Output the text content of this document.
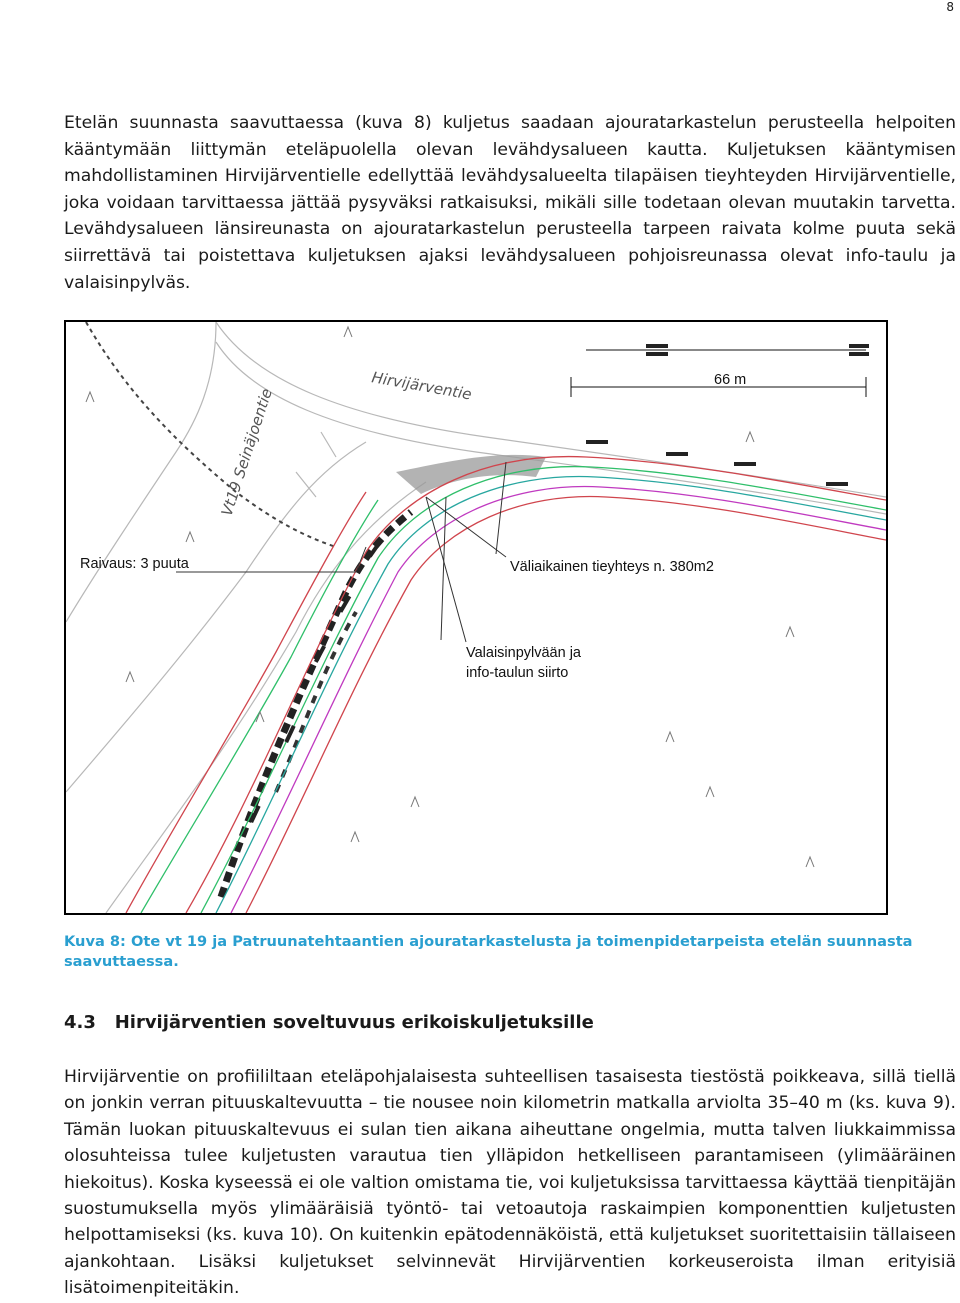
8

Etelän suunnasta saavuttaessa (kuva 8) kuljetus saadaan ajouratarkastelun perusteella helpoiten kääntymään liittymän eteläpuolella olevan levähdysalueen kautta. Kuljetuksen kääntymisen mahdollistaminen Hirvijärventielle edellyttää levähdysalueelta tilapäisen tieyhteyden Hirvijärventielle, joka voidaan tarvittaessa jättää pysyväksi ratkaisuksi, mikäli sille todetaan olevan muutakin tarvetta. Levähdysalueen länsireunasta on ajouratarkastelun perusteella tarpeen raivata kolme puuta sekä siirrettävä tai poistettava kuljetuksen ajaksi levähdysalueen pohjoisreunassa olevat info-taulu ja valaisinpylväs.

Hirvijärventie
Vt19 Seinäjoentie
66 m
Raivaus: 3 puuta	Väliaikainen tieyhteys n. 380m2
Valaisinpylvään ja
info-taulun siirto

Kuva 8: Ote vt 19 ja Patruunatehtaantien ajouratarkastelusta ja toimenpidetarpeista etelän suunnasta saavuttaessa.

4.3 Hirvijärventien soveltuvuus erikoiskuljetuksille

Hirvijärventie on profiililtaan eteläpohjalaisesta suhteellisen tasaisesta tiestöstä poikkeava, sillä tiellä on jonkin verran pituuskaltevuutta – tie nousee noin kilometrin matkalla arviolta 35–40 m (ks. kuva 9). Tämän luokan pituuskaltevuus ei sulan tien aikana aiheuttane ongelmia, mutta talven liukkaimmissa olosuhteissa tulee kuljetusten varautua tien ylläpidon hetkelliseen parantamiseen (ylimääräinen hiekoitus). Koska kyseessä ei ole valtion omistama tie, voi kuljetuksissa tarvittaessa käyttää tienpitäjän suostumuksella myös ylimääräisiä työntö- tai vetoautoja raskaimpien komponenttien kuljetusten helpottamiseksi (ks. kuva 10). On kuitenkin epätodennäköistä, että kuljetukset suoritettaisiin tällaiseen ajankohtaan. Lisäksi kuljetukset selvinnevät Hirvijärventien korkeuseroista ilman erityisiä lisätoimenpiteitäkin.
